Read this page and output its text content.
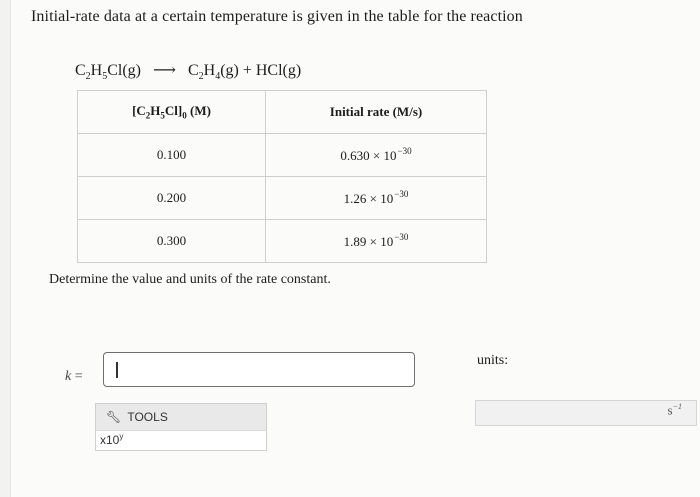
Initial-rate data at a certain temperature is given in the table for the reaction
$C_2H_5Cl(g)$ ⟶ $C_2H_4(g) + HCl(g)$
$[C_2H_5Cl]_0$ (M)	Initial rate (M/s)
0.100	$0.630 \times 10^{-30}$
0.200	$1.26 \times 10^{-30}$
0.300	$1.89 \times 10^{-30}$
Determine the value and units of the rate constant.
k =
🔧︎ TOOLS
x10$^y$
units:
$s^{-1}$
